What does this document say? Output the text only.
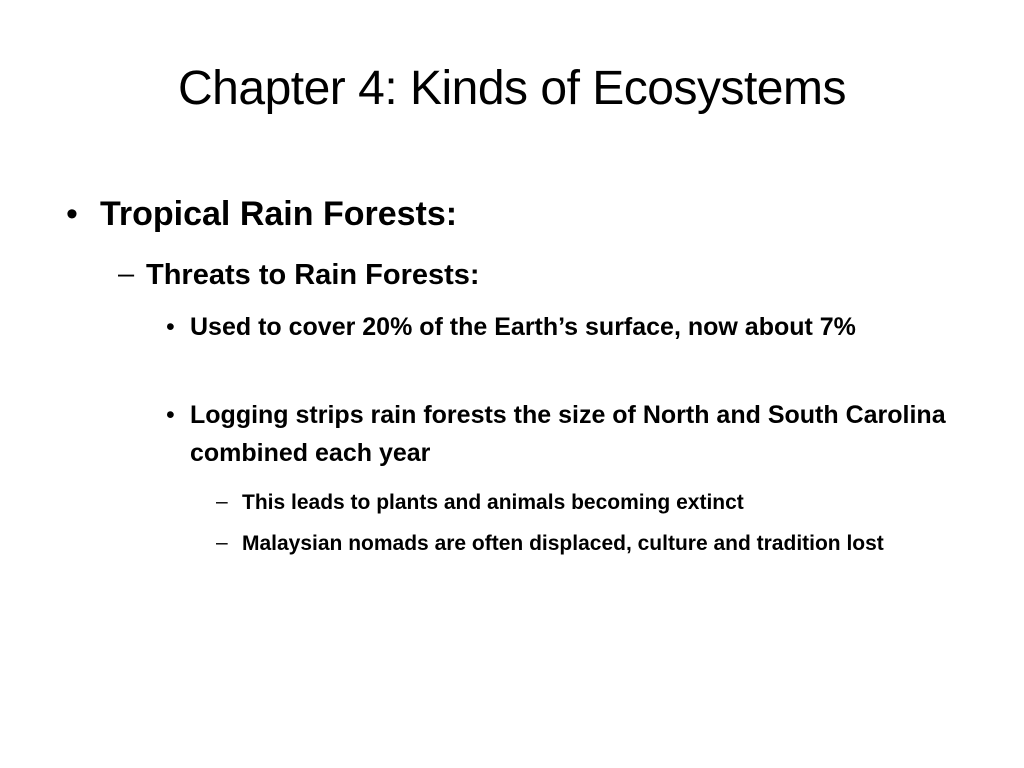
Chapter 4: Kinds of Ecosystems
• Tropical Rain Forests:
– Threats to Rain Forests:
• Used to cover 20% of the Earth’s surface, now about 7%
• Logging strips rain forests the size of North and South Carolina combined each year
– This leads to plants and animals becoming extinct
– Malaysian nomads are often displaced, culture and tradition lost
